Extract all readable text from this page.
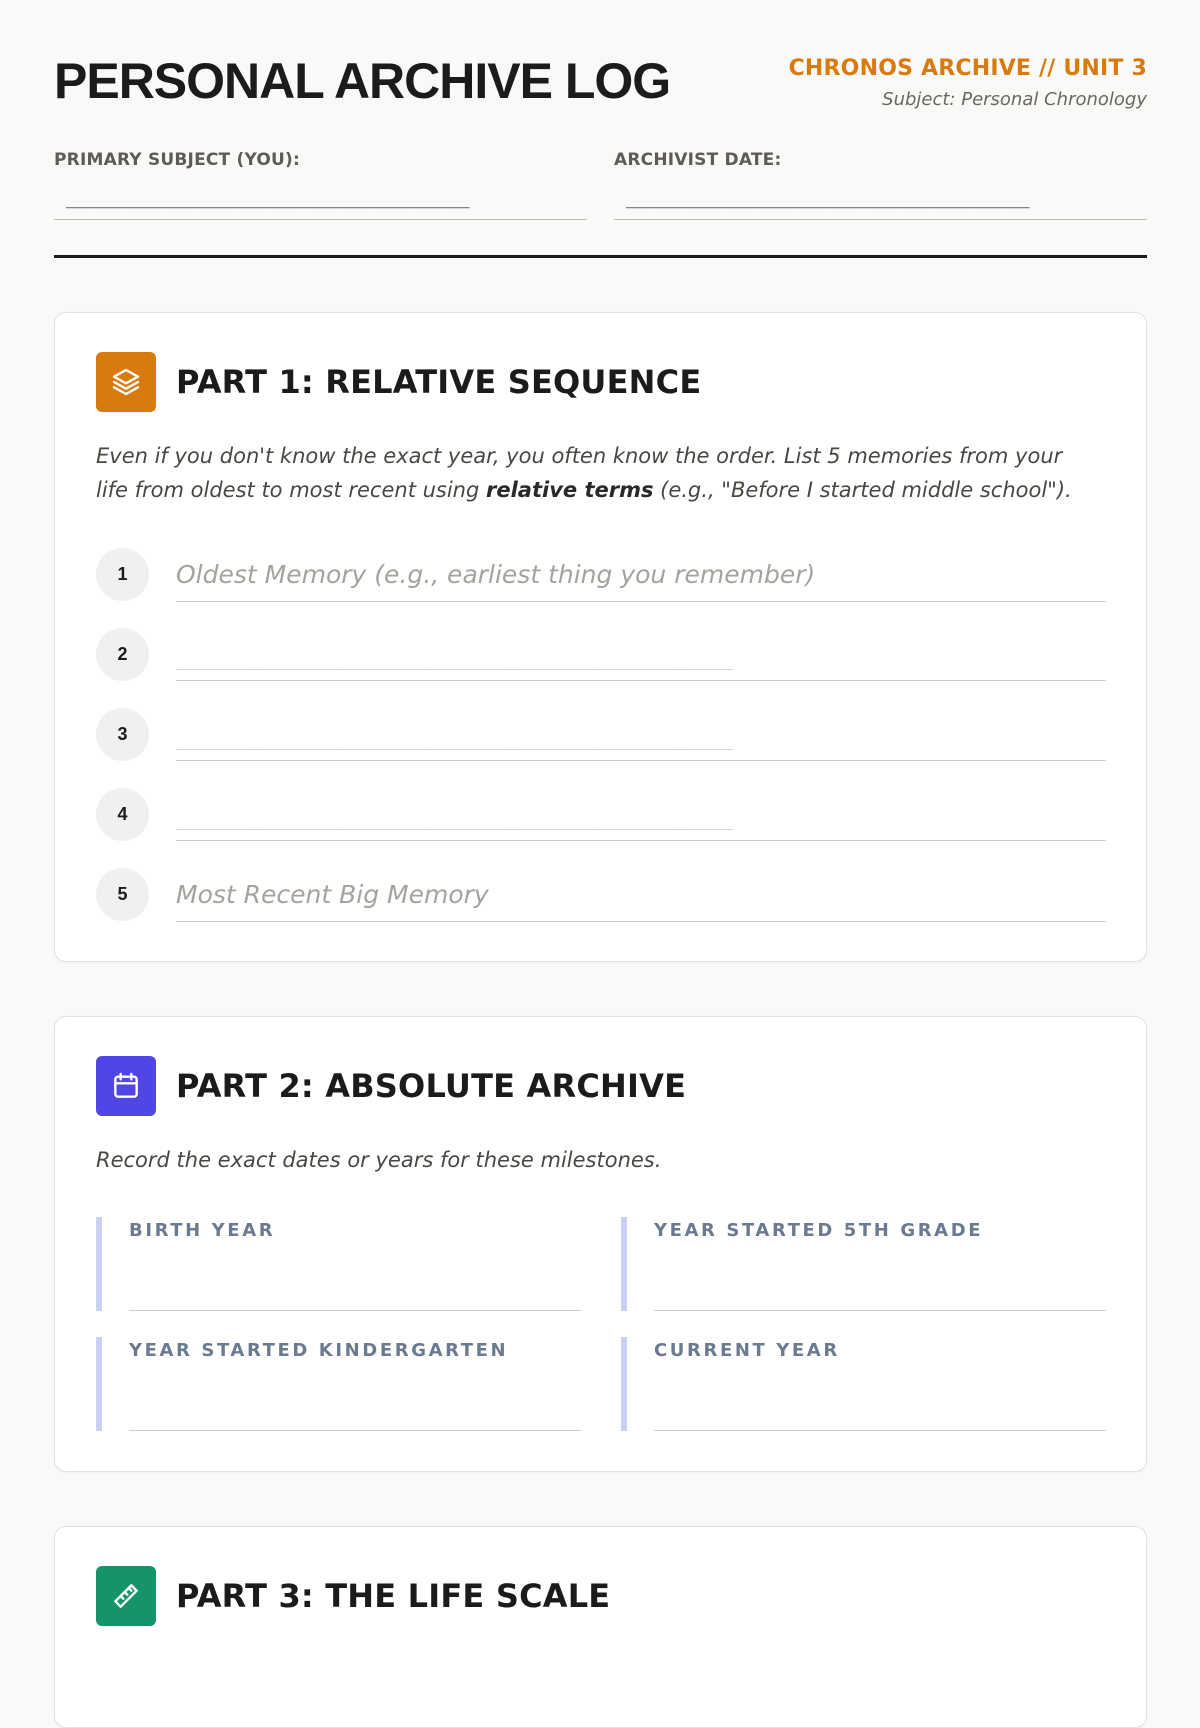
PERSONAL ARCHIVE LOG	CHRONOS ARCHIVE // UNIT 3
Subject: Personal Chronology
PRIMARY SUBJECT (YOU):
_______________________________________
ARCHIVIST DATE:
_______________________________________
PART 1: RELATIVE SEQUENCE

Even if you don't know the exact year, you often know the order. List 5 memories from your life from oldest to most recent using relative terms (e.g., "Before I started middle school").

1	Oldest Memory (e.g., earliest thing you remember)
2	_______________________________________________________________
3	_______________________________________________________________
4	_______________________________________________________________
5	Most Recent Big Memory
PART 2: ABSOLUTE ARCHIVE

Record the exact dates or years for these milestones.

BIRTH YEAR	YEAR STARTED 5TH GRADE
YEAR STARTED KINDERGARTEN	CURRENT YEAR
PART 3: THE LIFE SCALE
